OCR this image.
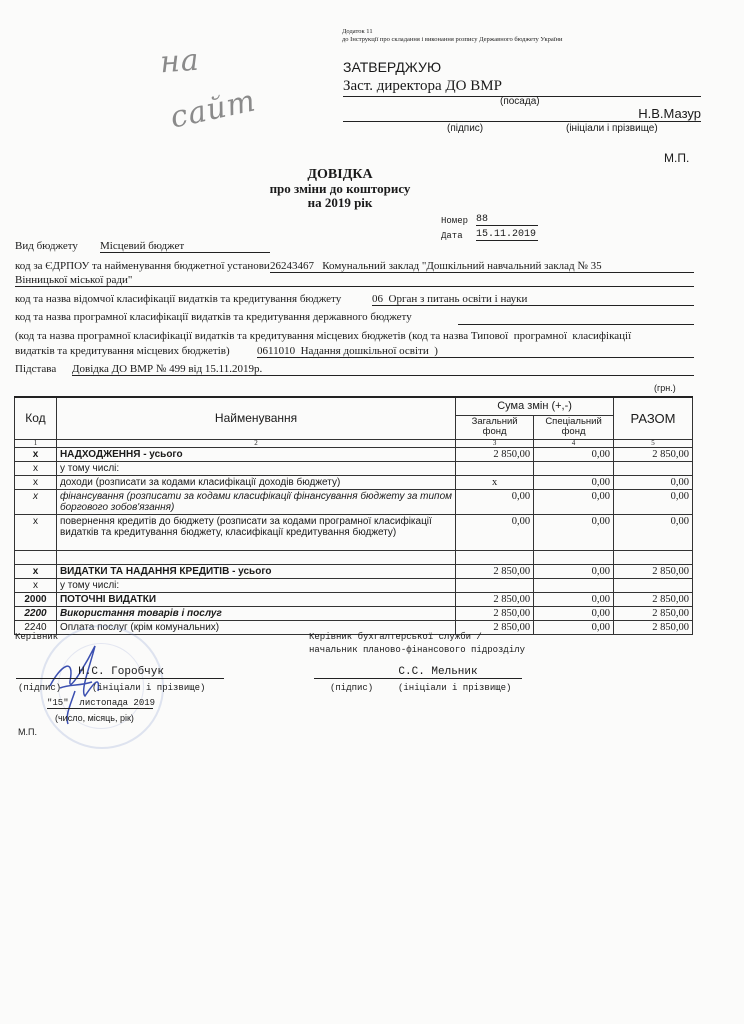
на
сайт
Додаток 11
до Інструкції про складання і виконання розпису Державного бюджету України
ЗАТВЕРДЖУЮ
Заст. директора ДО ВМР
(посада)
Н.В.Мазур
(підпис)	(ініціали і прізвище)
М.П.
ДОВІДКА
про зміни до кошторису
на 2019 рік
Номер 88
Дата 15.11.2019
Вид бюджету Місцевий бюджет
код за ЄДРПОУ та найменування бюджетної установи 26243467   Комунальний заклад "Дошкільний навчальний заклад № 35
Вінницької міської ради"
код та назва відомчої класифікації видатків та кредитування бюджету	06  Орган з питань освіти і науки
код та назва програмної класифікації видатків та кредитування державного бюджету
(код та назва програмної класифікації видатків та кредитування місцевих бюджетів (код та назва Типової  програмної  класифікації
видатків та кредитування місцевих бюджетів) 0611010  Надання дошкільної освіти  )
Підстава Довідка ДО ВМР № 499 від 15.11.2019р.
(грн.)
Код	Найменування	Сума змін (+,-)		РАЗОМ
		Загальний фонд	Спеціальний фонд	
1	2	3	4	5
х	НАДХОДЖЕННЯ - усього	2 850,00	0,00	2 850,00
х	у тому числі:			
х	доходи (розписати за кодами класифікації доходів бюджету)	х	0,00	0,00
х	фінансування (розписати за кодами класифікації фінансування бюджету за типом боргового зобов'язання)	0,00	0,00	0,00
х	повернення кредитів до бюджету (розписати за кодами програмної класифікації видатків та кредитування бюджету, класифікації кредитування бюджету)	0,00	0,00	0,00

х	ВИДАТКИ ТА НАДАННЯ КРЕДИТІВ - усього	2 850,00	0,00	2 850,00
х	у тому числі:			
2000	ПОТОЧНІ ВИДАТКИ	2 850,00	0,00	2 850,00
2200	Використання товарів і послуг	2 850,00	0,00	2 850,00
2240	Оплата послуг (крім комунальних)	2 850,00	0,00	2 850,00
Керівник
Н.С. Горобчук
(підпис)	(ініціали і прізвище)
"15" листопада 2019
(число, місяць, рік)
М.П.
Керівник бухгалтерської служби /
начальник планово-фінансового підрозділу
С.С. Мельник
(підпис)	(ініціали і прізвище)
